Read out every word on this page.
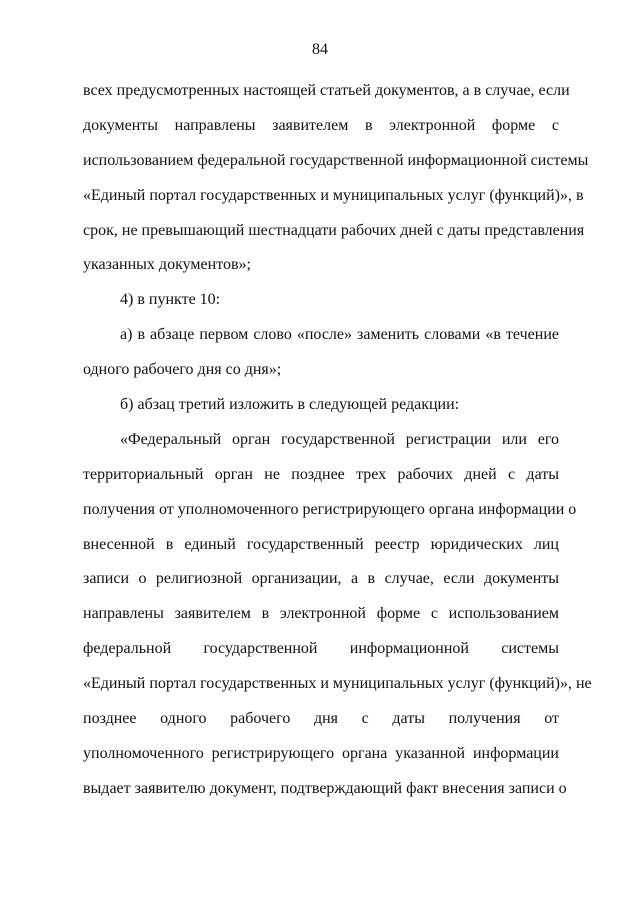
84
всех предусмотренных настоящей статьей документов, а в случае, если
документы направлены заявителем в электронной форме с
использованием федеральной государственной информационной системы
«Единый портал государственных и муниципальных услуг (функций)», в
срок, не превышающий шестнадцати рабочих дней с даты представления
указанных документов»;
4) в пункте 10:
а) в абзаце первом слово «после» заменить словами «в течение
одного рабочего дня со дня»;
б) абзац третий изложить в следующей редакции:
«Федеральный орган государственной регистрации или его
территориальный орган не позднее трех рабочих дней с даты
получения от уполномоченного регистрирующего органа информации о
внесенной в единый государственный реестр юридических лиц
записи о религиозной организации, а в случае, если документы
направлены заявителем в электронной форме с использованием
федеральной государственной информационной системы
«Единый портал государственных и муниципальных услуг (функций)», не
позднее одного рабочего дня с даты получения от
уполномоченного регистрирующего органа указанной информации
выдает заявителю документ, подтверждающий факт внесения записи о
